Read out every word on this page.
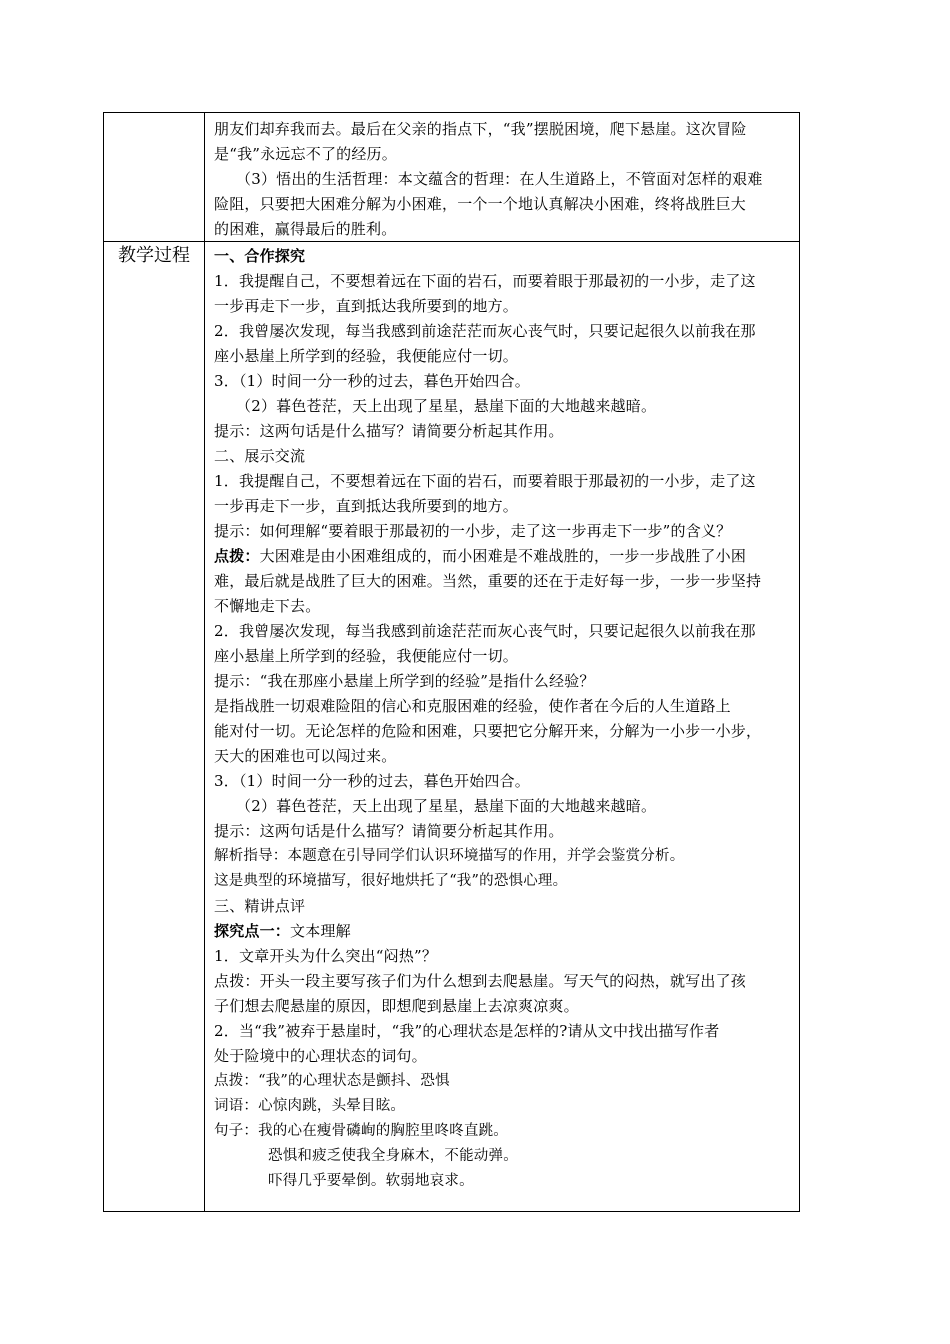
朋友们却弃我而去。最后在父亲的指点下，“我”摆脱困境，爬下悬崖。这次冒险

是“我”永远忘不了的经历。

（3）悟出的生活哲理：本文蕴含的哲理：在人生道路上，不管面对怎样的艰难

险阻，只要把大困难分解为小困难，一个一个地认真解决小困难，终将战胜巨大

的困难，赢得最后的胜利。

教学过程	一、合作探究

1．我提醒自己，不要想着远在下面的岩石，而要着眼于那最初的一小步，走了这

一步再走下一步，直到抵达我所要到的地方。

2．我曾屡次发现，每当我感到前途茫茫而灰心丧气时，只要记起很久以前我在那

座小悬崖上所学到的经验，我便能应付一切。

3．（1）时间一分一秒的过去，暮色开始四合。

（2）暮色苍茫，天上出现了星星，悬崖下面的大地越来越暗。

提示：这两句话是什么描写？请简要分析起其作用。

二、展示交流

1．我提醒自己，不要想着远在下面的岩石，而要着眼于那最初的一小步，走了这

一步再走下一步，直到抵达我所要到的地方。

提示：如何理解“要着眼于那最初的一小步，走了这一步再走下一步”的含义？

点拨：大困难是由小困难组成的，而小困难是不难战胜的，一步一步战胜了小困

难，最后就是战胜了巨大的困难。当然，重要的还在于走好每一步，一步一步坚持

不懈地走下去。

2．我曾屡次发现，每当我感到前途茫茫而灰心丧气时，只要记起很久以前我在那

座小悬崖上所学到的经验，我便能应付一切。

提示：“我在那座小悬崖上所学到的经验”是指什么经验？

是指战胜一切艰难险阻的信心和克服困难的经验，使作者在今后的人生道路上

能对付一切。无论怎样的危险和困难，只要把它分解开来，分解为一小步一小步，

天大的困难也可以闯过来。

3．（1）时间一分一秒的过去，暮色开始四合。

（2）暮色苍茫，天上出现了星星，悬崖下面的大地越来越暗。

提示：这两句话是什么描写？请简要分析起其作用。

解析指导：本题意在引导同学们认识环境描写的作用，并学会鉴赏分析。

这是典型的环境描写，很好地烘托了“我”的恐惧心理。

三、精讲点评

探究点一：文本理解

1．文章开头为什么突出“闷热”？

点拨：开头一段主要写孩子们为什么想到去爬悬崖。写天气的闷热，就写出了孩

子们想去爬悬崖的原因，即想爬到悬崖上去凉爽凉爽。

2．当“我”被弃于悬崖时，“我”的心理状态是怎样的?请从文中找出描写作者

处于险境中的心理状态的词句。

点拨：“我”的心理状态是颤抖、恐惧

词语：心惊肉跳，头晕目眩。

句子：我的心在瘦骨磷峋的胸腔里咚咚直跳。

恐惧和疲乏使我全身麻木，不能动弹。

吓得几乎要晕倒。软弱地哀求。
